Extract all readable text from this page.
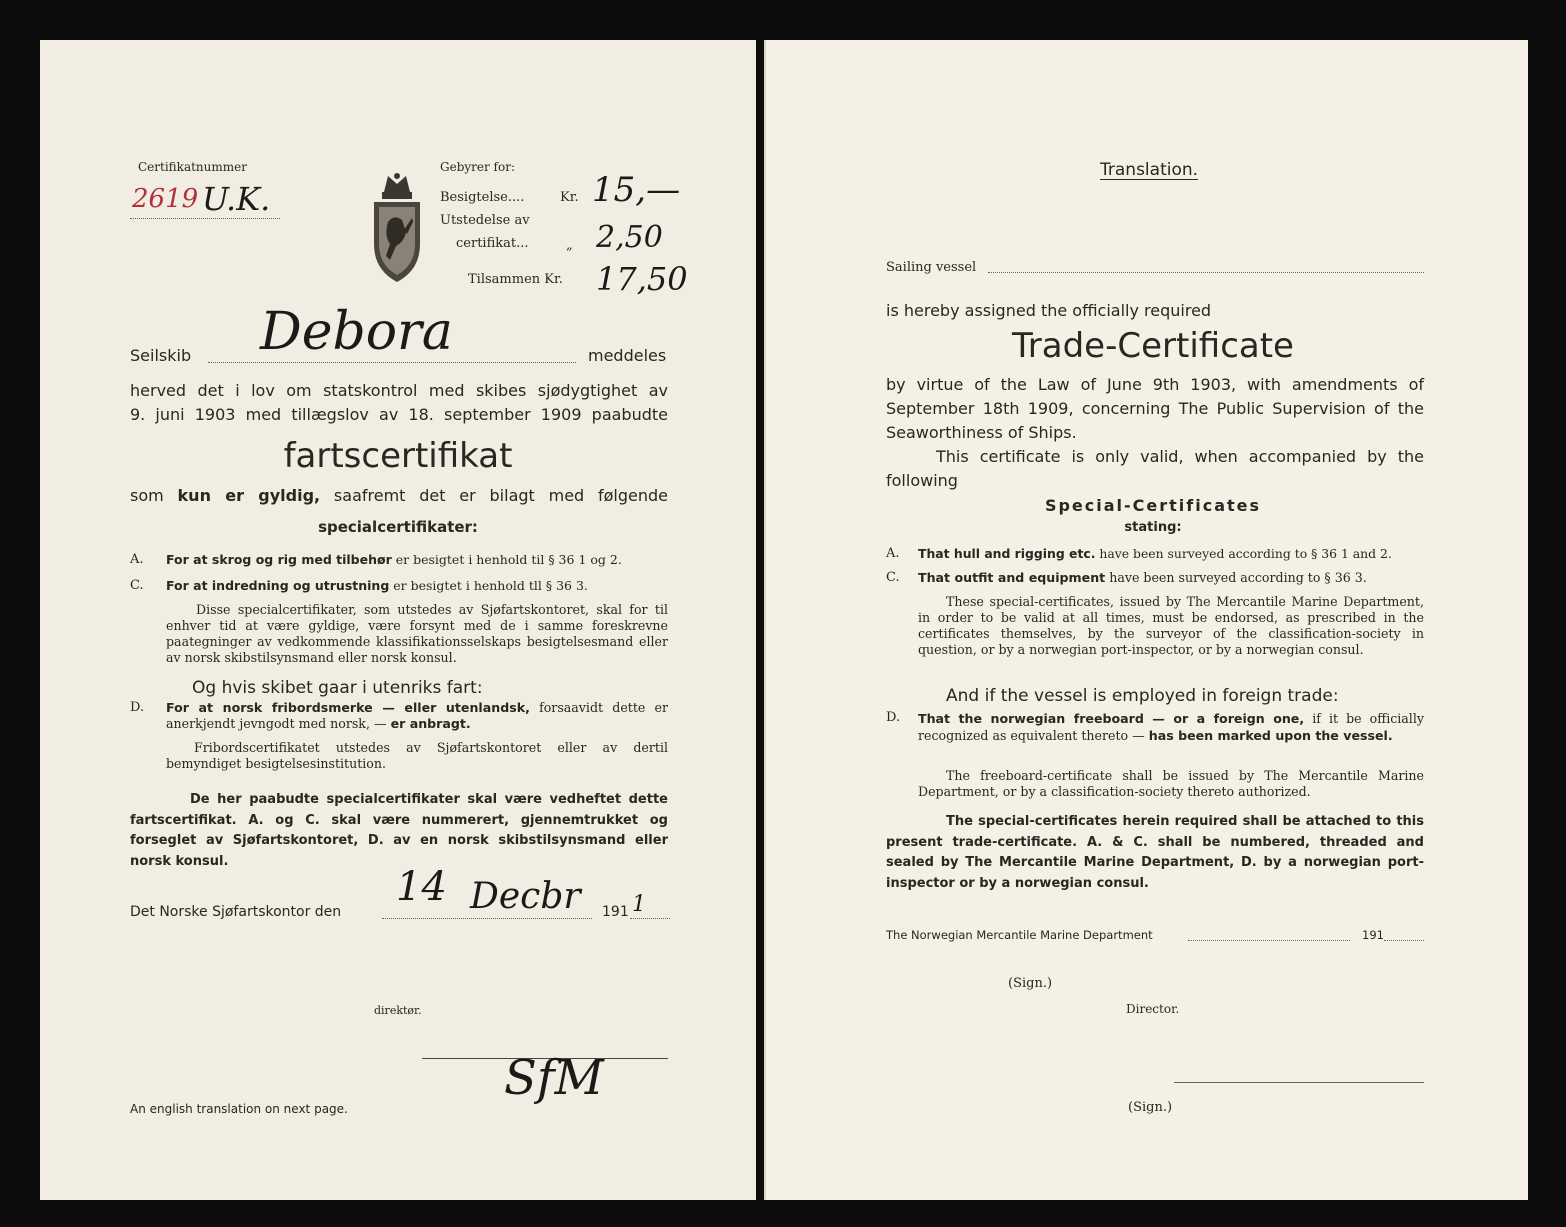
Certifikatnummer
2619 U.K.
Gebyrer for:
Besigtelse....	Kr. 15,—
Utstedelse av
certifikat...	„ 2,50
Tilsammen Kr. 17,50
Seilskib Debora	meddeles
herved det i lov om statskontrol med skibes sjødygtighet av
9. juni 1903 med tillægslov av 18. september 1909 paabudte
fartscertifikat
som kun er gyldig, saafremt det er bilagt med følgende
specialcertifikater:
A. For at skrog og rig med tilbehør er besigtet i henhold til § 36 1 og 2.
C. For at indredning og utrustning er besigtet i henhold tll § 36 3.
Disse specialcertifikater, som utstedes av Sjøfartskontoret, skal for til enhver tid at være gyldige, være forsynt med de i samme foreskrevne paategninger av vedkommende klassifikationsselskaps besigtelsesmand eller av norsk skibstilsynsmand eller norsk konsul.
Og hvis skibet gaar i utenriks fart:
D. For at norsk fribordsmerke — eller utenlandsk, forsaavidt dette er anerkjendt jevngodt med norsk, — er anbragt.
Fribordscertifikatet utstedes av Sjøfartskontoret eller av dertil bemyndiget besigtelsesinstitution.
De her paabudte specialcertifikater skal være vedheftet dette fartscertifikat. A. og C. skal være nummerert, gjennemtrukket og forseglet av Sjøfartskontoret, D. av en norsk skibstilsynsmand eller norsk konsul.
Det Norske Sjøfartskontor den
14 Decbr 191 1
direktør.
SfM
An english translation on next page.
Translation.
Sailing vessel
is hereby assigned the officially required
Trade-Certificate
by virtue of the Law of June 9th 1903, with amendments of September 18th 1909, concerning The Public Supervision of the Seaworthiness of Ships.
This certificate is only valid, when accompanied by the following
Special-Certificates
stating:
A. That hull and rigging etc. have been surveyed according to § 36 1 and 2.
C. That outfit and equipment have been surveyed according to § 36 3.
These special-certificates, issued by The Mercantile Marine Department, in order to be valid at all times, must be endorsed, as prescribed in the certificates themselves, by the surveyor of the classification-society in question, or by a norwegian port-inspector, or by a norwegian consul.
And if the vessel is employed in foreign trade:
D. That the norwegian freeboard — or a foreign one, if it be officially recognized as equivalent thereto — has been marked upon the vessel.
The freeboard-certificate shall be issued by The Mercantile Marine Department, or by a classification-society thereto authorized.
The special-certificates herein required shall be attached to this present trade-certificate. A. & C. shall be numbered, threaded and sealed by The Mercantile Marine Department, D. by a norwegian port-inspector or by a norwegian consul.
The Norwegian Mercantile Marine Department	191
(Sign.)
Director.
(Sign.)
